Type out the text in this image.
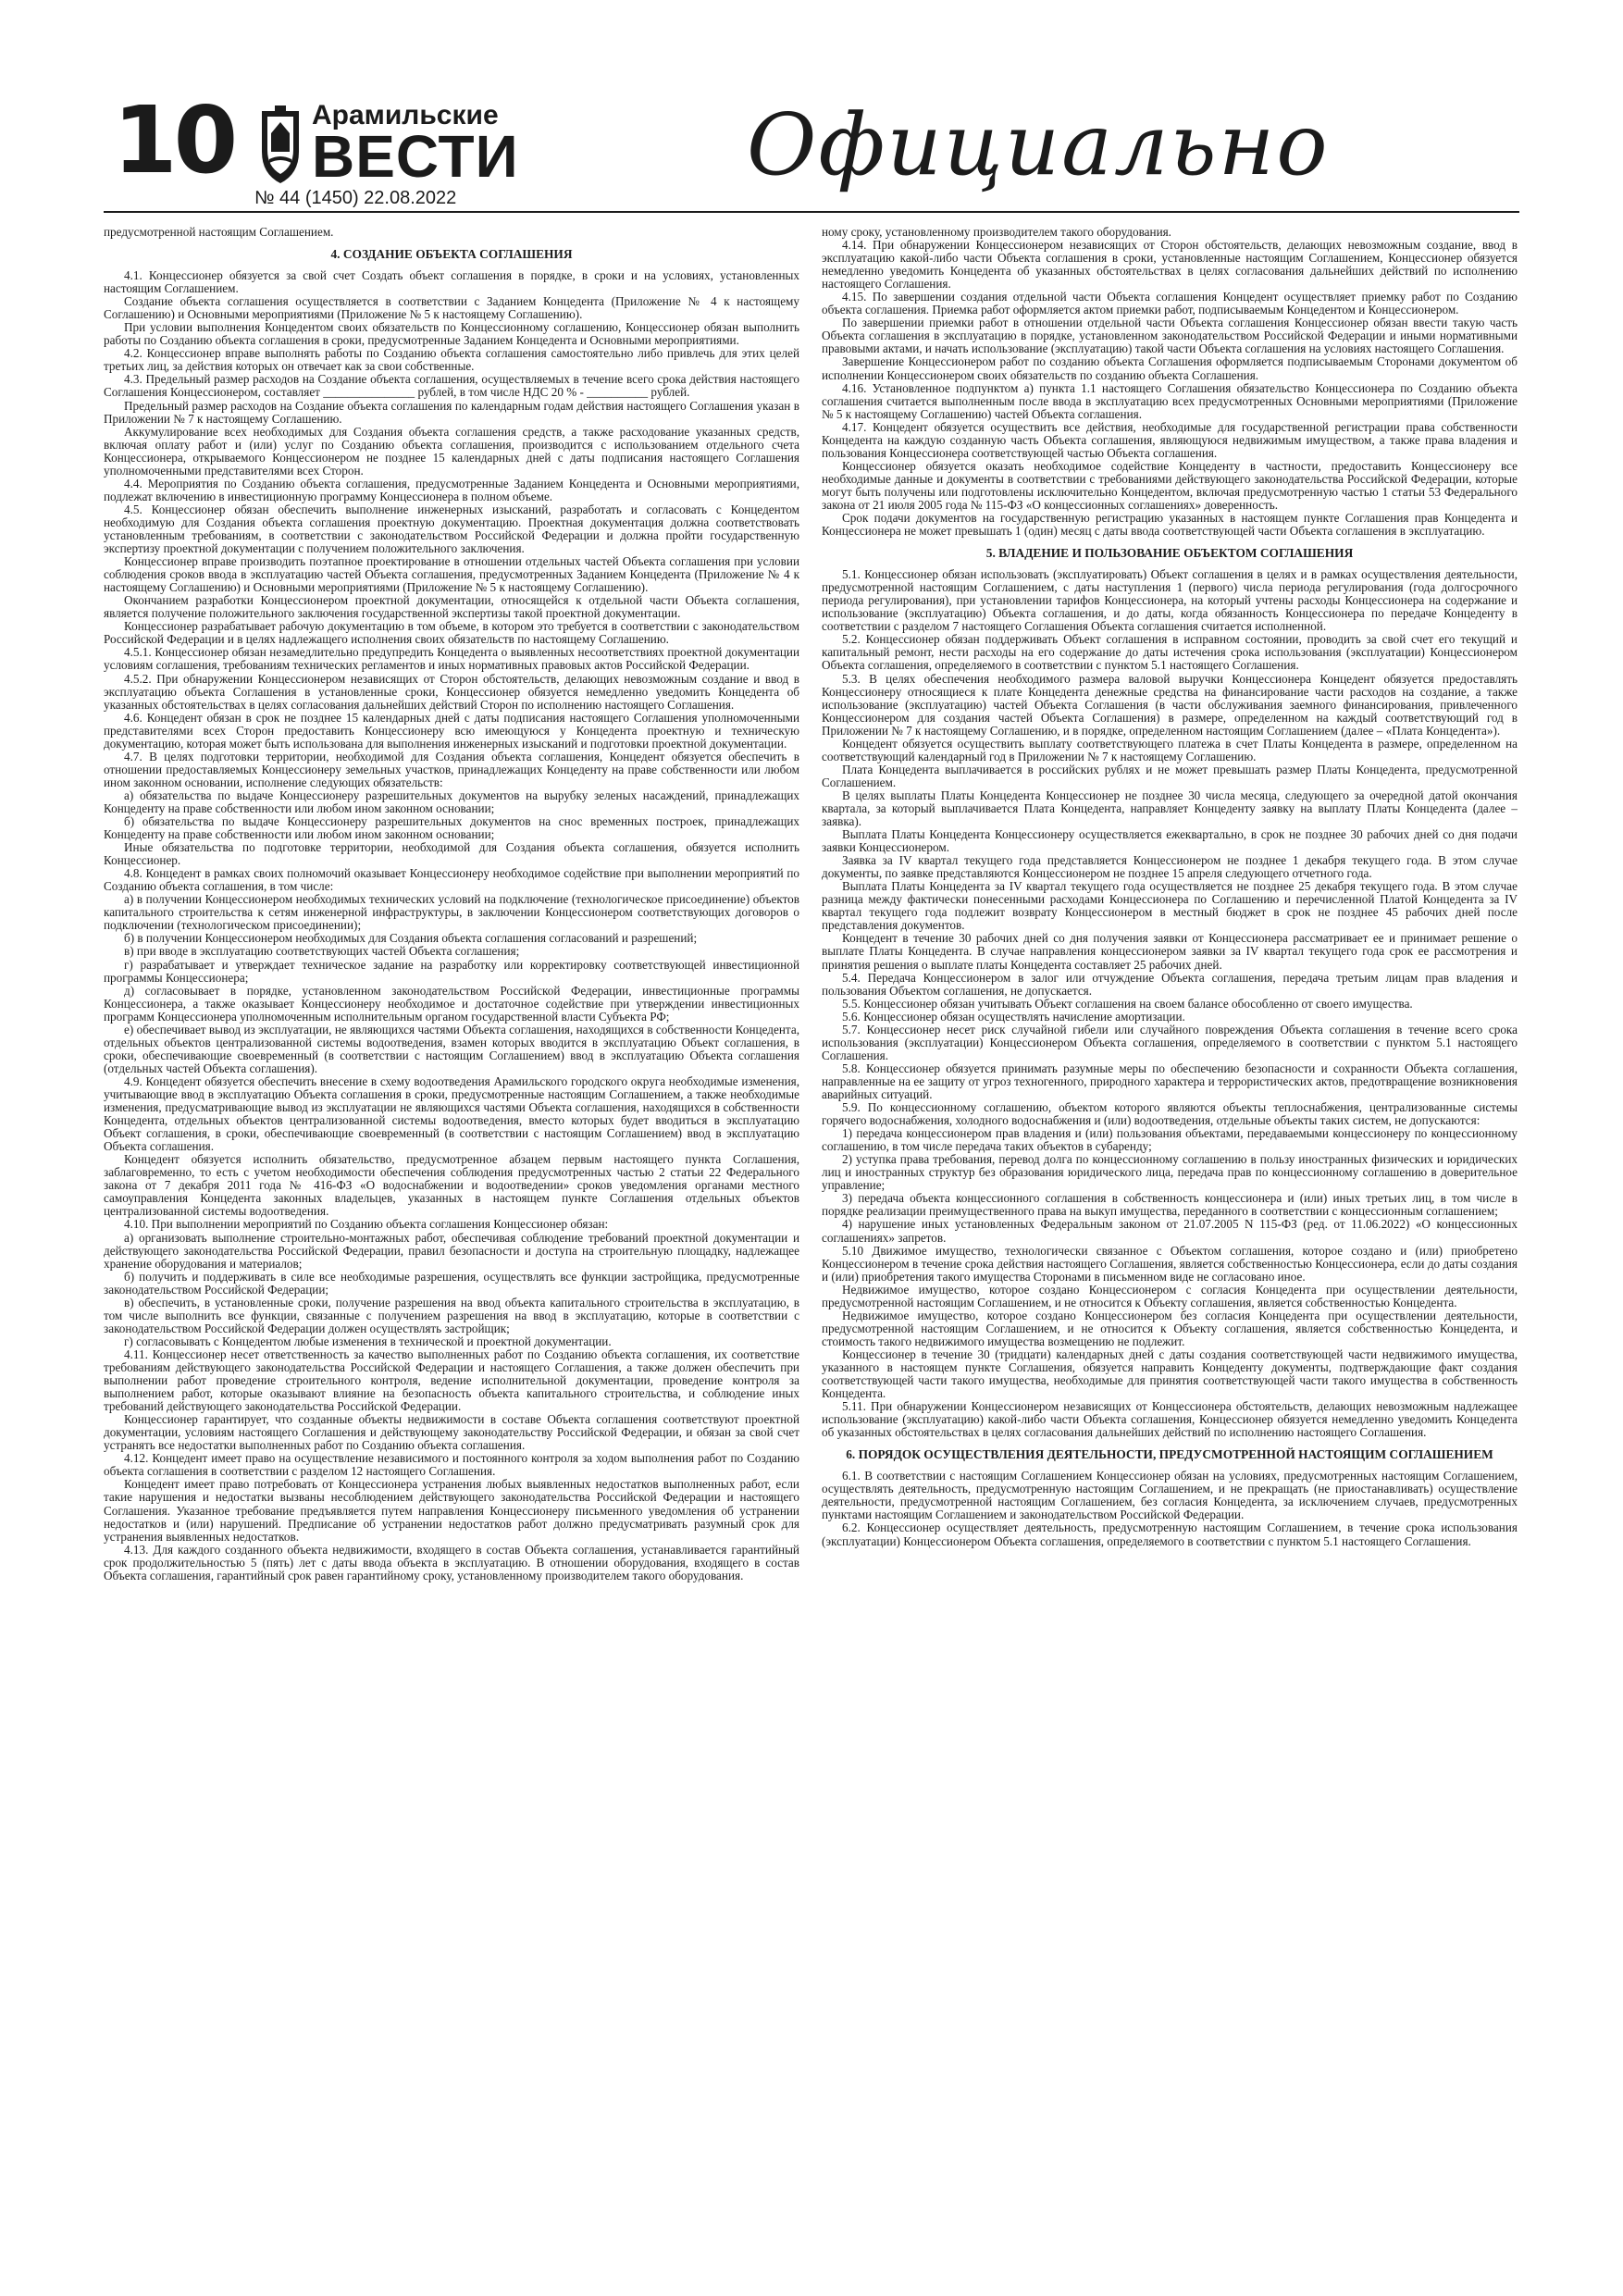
10	Арамильские
ВЕСТИ
№ 44 (1450) 22.08.2022
Официально

предусмотренной настоящим Соглашением.

4. СОЗДАНИЕ ОБЪЕКТА СОГЛАШЕНИЯ

4.1. Концессионер обязуется за свой счет Создать объект соглашения в порядке, в сроки и на условиях, установленных настоящим Соглашением.

Создание объекта соглашения осуществляется в соответствии с Заданием Концедента (Приложение № 4 к настоящему Соглашению) и Основными мероприятиями (Приложение № 5 к настоящему Соглашению).

При условии выполнения Концедентом своих обязательств по Концессионному соглашению, Концессионер обязан выполнить работы по Созданию объекта соглашения в сроки, предусмотренные Заданием Концедента и Основными мероприятиями.

4.2. Концессионер вправе выполнять работы по Созданию объекта соглашения самостоятельно либо привлечь для этих целей третьих лиц, за действия которых он отвечает как за свои собственные.

4.3. Предельный размер расходов на Создание объекта соглашения, осуществляемых в течение всего срока действия настоящего Соглашения Концессионером, составляет _______________ рублей, в том числе НДС 20 % - __________ рублей.

Предельный размер расходов на Создание объекта соглашения по календарным годам действия настоящего Соглашения указан в Приложении № 7 к настоящему Соглашению.

Аккумулирование всех необходимых для Создания объекта соглашения средств, а также расходование указанных средств, включая оплату работ и (или) услуг по Созданию объекта соглашения, производится с использованием отдельного счета Концессионера, открываемого Концессионером не позднее 15 календарных дней с даты подписания настоящего Соглашения уполномоченными представителями всех Сторон.

4.4. Мероприятия по Созданию объекта соглашения, предусмотренные Заданием Концедента и Основными мероприятиями, подлежат включению в инвестиционную программу Концессионера в полном объеме.

4.5. Концессионер обязан обеспечить выполнение инженерных изысканий, разработать и согласовать с Концедентом необходимую для Создания объекта соглашения проектную документацию. Проектная документация должна соответствовать установленным требованиям, в соответствии с законодательством Российской Федерации и должна пройти государственную экспертизу проектной документации с получением положительного заключения.

Концессионер вправе производить поэтапное проектирование в отношении отдельных частей Объекта соглашения при условии соблюдения сроков ввода в эксплуатацию частей Объекта соглашения, предусмотренных Заданием Концедента (Приложение № 4 к настоящему Соглашению) и Основными мероприятиями (Приложение № 5 к настоящему Соглашению).

Окончанием разработки Концессионером проектной документации, относящейся к отдельной части Объекта соглашения, является получение положительного заключения государственной экспертизы такой проектной документации.

Концессионер разрабатывает рабочую документацию в том объеме, в котором это требуется в соответствии с законодательством Российской Федерации и в целях надлежащего исполнения своих обязательств по настоящему Соглашению.

4.5.1. Концессионер обязан незамедлительно предупредить Концедента о выявленных несоответствиях проектной документации условиям соглашения, требованиям технических регламентов и иных нормативных правовых актов Российской Федерации.

4.5.2. При обнаружении Концессионером независящих от Сторон обстоятельств, делающих невозможным создание и ввод в эксплуатацию объекта Соглашения в установленные сроки, Концессионер обязуется немедленно уведомить Концедента об указанных обстоятельствах в целях согласования дальнейших действий Сторон по исполнению настоящего Соглашения.

4.6. Концедент обязан в срок не позднее 15 календарных дней с даты подписания настоящего Соглашения уполномоченными представителями всех Сторон предоставить Концессионеру всю имеющуюся у Концедента проектную и техническую документацию, которая может быть использована для выполнения инженерных изысканий и подготовки проектной документации.

4.7. В целях подготовки территории, необходимой для Создания объекта соглашения, Концедент обязуется обеспечить в отношении предоставляемых Концессионеру земельных участков, принадлежащих Концеденту на праве собственности или любом ином законном основании, исполнение следующих обязательств:

а) обязательства по выдаче Концессионеру разрешительных документов на вырубку зеленых насаждений, принадлежащих Концеденту на праве собственности или любом ином законном основании;

б) обязательства по выдаче Концессионеру разрешительных документов на снос временных построек, принадлежащих Концеденту на праве собственности или любом ином законном основании;

Иные обязательства по подготовке территории, необходимой для Создания объекта соглашения, обязуется исполнить Концессионер.

4.8. Концедент в рамках своих полномочий оказывает Концессионеру необходимое содействие при выполнении мероприятий по Созданию объекта соглашения, в том числе:

а) в получении Концессионером необходимых технических условий на подключение (технологическое присоединение) объектов капитального строительства к сетям инженерной инфраструктуры, в заключении Концессионером соответствующих договоров о подключении (технологическом присоединении);

б) в получении Концессионером необходимых для Создания объекта соглашения согласований и разрешений;

в) при вводе в эксплуатацию соответствующих частей Объекта соглашения;

г) разрабатывает и утверждает техническое задание на разработку или корректировку соответствующей инвестиционной программы Концессионера;

д) согласовывает в порядке, установленном законодательством Российской Федерации, инвестиционные программы Концессионера, а также оказывает Концессионеру необходимое и достаточное содействие при утверждении инвестиционных программ Концессионера уполномоченным исполнительным органом государственной власти Субъекта РФ;

е) обеспечивает вывод из эксплуатации, не являющихся частями Объекта соглашения, находящихся в собственности Концедента, отдельных объектов централизованной системы водоотведения, взамен которых вводится в эксплуатацию Объект соглашения, в сроки, обеспечивающие своевременный (в соответствии с настоящим Соглашением) ввод в эксплуатацию Объекта соглашения (отдельных частей Объекта соглашения).

4.9. Концедент обязуется обеспечить внесение в схему водоотведения Арамильского городского округа необходимые изменения, учитывающие ввод в эксплуатацию Объекта соглашения в сроки, предусмотренные настоящим Соглашением, а также необходимые изменения, предусматривающие вывод из эксплуатации не являющихся частями Объекта соглашения, находящихся в собственности Концедента, отдельных объектов централизованной системы водоотведения, вместо которых будет вводиться в эксплуатацию Объект соглашения, в сроки, обеспечивающие своевременный (в соответствии с настоящим Соглашением) ввод в эксплуатацию Объекта соглашения.

Концедент обязуется исполнить обязательство, предусмотренное абзацем первым настоящего пункта Соглашения, заблаговременно, то есть с учетом необходимости обеспечения соблюдения предусмотренных частью 2 статьи 22 Федерального закона от 7 декабря 2011 года № 416-ФЗ «О водоснабжении и водоотведении» сроков уведомления органами местного самоуправления Концедента законных владельцев, указанных в настоящем пункте Соглашения отдельных объектов централизованной системы водоотведения.

4.10. При выполнении мероприятий по Созданию объекта соглашения Концессионер обязан:

а) организовать выполнение строительно-монтажных работ, обеспечивая соблюдение требований проектной документации и действующего законодательства Российской Федерации, правил безопасности и доступа на строительную площадку, надлежащее хранение оборудования и материалов;

б) получить и поддерживать в силе все необходимые разрешения, осуществлять все функции застройщика, предусмотренные законодательством Российской Федерации;

в) обеспечить, в установленные сроки, получение разрешения на ввод объекта капитального строительства в эксплуатацию, в том числе выполнить все функции, связанные с получением разрешения на ввод в эксплуатацию, которые в соответствии с законодательством Российской Федерации должен осуществлять застройщик;

г) согласовывать с Концедентом любые изменения в технической и проектной документации.

4.11. Концессионер несет ответственность за качество выполненных работ по Созданию объекта соглашения, их соответствие требованиям действующего законодательства Российской Федерации и настоящего Соглашения, а также должен обеспечить при выполнении работ проведение строительного контроля, ведение исполнительной документации, проведение контроля за выполнением работ, которые оказывают влияние на безопасность объекта капитального строительства, и соблюдение иных требований действующего законодательства Российской Федерации.

Концессионер гарантирует, что созданные объекты недвижимости в составе Объекта соглашения соответствуют проектной документации, условиям настоящего Соглашения и действующему законодательству Российской Федерации, и обязан за свой счет устранять все недостатки выполненных работ по Созданию объекта соглашения.

4.12. Концедент имеет право на осуществление независимого и постоянного контроля за ходом выполнения работ по Созданию объекта соглашения в соответствии с разделом 12 настоящего Соглашения.

Концедент имеет право потребовать от Концессионера устранения любых выявленных недостатков выполненных работ, если такие нарушения и недостатки вызваны несоблюдением действующего законодательства Российской Федерации и настоящего Соглашения. Указанное требование предъявляется путем направления Концессионеру письменного уведомления об устранении недостатков и (или) нарушений. Предписание об устранении недостатков работ должно предусматривать разумный срок для устранения выявленных недостатков.

4.13. Для каждого созданного объекта недвижимости, входящего в состав Объекта соглашения, устанавливается гарантийный срок продолжительностью 5 (пять) лет с даты ввода объекта в эксплуатацию. В отношении оборудования, входящего в состав Объекта соглашения, гарантийный срок равен гарантийному сроку, установленному производителем такого оборудования.

ному сроку, установленному производителем такого оборудования.

4.14. При обнаружении Концессионером независящих от Сторон обстоятельств, делающих невозможным создание, ввод в эксплуатацию какой-либо части Объекта соглашения в сроки, установленные настоящим Соглашением, Концессионер обязуется немедленно уведомить Концедента об указанных обстоятельствах в целях согласования дальнейших действий по исполнению настоящего Соглашения.

4.15. По завершении создания отдельной части Объекта соглашения Концедент осуществляет приемку работ по Созданию объекта соглашения. Приемка работ оформляется актом приемки работ, подписываемым Концедентом и Концессионером.

По завершении приемки работ в отношении отдельной части Объекта соглашения Концессионер обязан ввести такую часть Объекта соглашения в эксплуатацию в порядке, установленном законодательством Российской Федерации и иными нормативными правовыми актами, и начать использование (эксплуатацию) такой части Объекта соглашения на условиях настоящего Соглашения.

Завершение Концессионером работ по созданию объекта Соглашения оформляется подписываемым Сторонами документом об исполнении Концессионером своих обязательств по созданию объекта Соглашения.

4.16. Установленное подпунктом а) пункта 1.1 настоящего Соглашения обязательство Концессионера по Созданию объекта соглашения считается выполненным после ввода в эксплуатацию всех предусмотренных Основными мероприятиями (Приложение № 5 к настоящему Соглашению) частей Объекта соглашения.

4.17. Концедент обязуется осуществить все действия, необходимые для государственной регистрации права собственности Концедента на каждую созданную часть Объекта соглашения, являющуюся недвижимым имуществом, а также права владения и пользования Концессионера соответствующей частью Объекта соглашения.

Концессионер обязуется оказать необходимое содействие Концеденту в частности, предоставить Концессионеру все необходимые данные и документы в соответствии с требованиями действующего законодательства Российской Федерации, которые могут быть получены или подготовлены исключительно Концедентом, включая предусмотренную частью 1 статьи 53 Федерального закона от 21 июля 2005 года № 115-ФЗ «О концессионных соглашениях» доверенность.

Срок подачи документов на государственную регистрацию указанных в настоящем пункте Соглашения прав Концедента и Концессионера не может превышать 1 (один) месяц с даты ввода соответствующей части Объекта соглашения в эксплуатацию.

5. ВЛАДЕНИЕ И ПОЛЬЗОВАНИЕ ОБЪЕКТОМ СОГЛАШЕНИЯ

5.1. Концессионер обязан использовать (эксплуатировать) Объект соглашения в целях и в рамках осуществления деятельности, предусмотренной настоящим Соглашением, с даты наступления 1 (первого) числа периода регулирования (года долгосрочного периода регулирования), при установлении тарифов Концессионера, на который учтены расходы Концессионера на содержание и использование (эксплуатацию) Объекта соглашения, и до даты, когда обязанность Концессионера по передаче Концеденту в соответствии с разделом 7 настоящего Соглашения Объекта соглашения считается исполненной.

5.2. Концессионер обязан поддерживать Объект соглашения в исправном состоянии, проводить за свой счет его текущий и капитальный ремонт, нести расходы на его содержание до даты истечения срока использования (эксплуатации) Концессионером Объекта соглашения, определяемого в соответствии с пунктом 5.1 настоящего Соглашения.

5.3. В целях обеспечения необходимого размера валовой выручки Концессионера Концедент обязуется предоставлять Концессионеру относящиеся к плате Концедента денежные средства на финансирование части расходов на создание, а также использование (эксплуатацию) частей Объекта Соглашения (в части обслуживания заемного финансирования, привлеченного Концессионером для создания частей Объекта Соглашения) в размере, определенном на каждый соответствующий год в Приложении № 7 к настоящему Соглашению, и в порядке, определенном настоящим Соглашением (далее – «Плата Концедента»).

Концедент обязуется осуществить выплату соответствующего платежа в счет Платы Концедента в размере, определенном на соответствующий календарный год в Приложении № 7 к настоящему Соглашению.

Плата Концедента выплачивается в российских рублях и не может превышать размер Платы Концедента, предусмотренной Соглашением.

В целях выплаты Платы Концедента Концессионер не позднее 30 числа месяца, следующего за очередной датой окончания квартала, за который выплачивается Плата Концедента, направляет Концеденту заявку на выплату Платы Концедента (далее – заявка).

Выплата Платы Концедента Концессионеру осуществляется ежеквартально, в срок не позднее 30 рабочих дней со дня подачи заявки Концессионером.

Заявка за IV квартал текущего года представляется Концессионером не позднее 1 декабря текущего года. В этом случае документы, по заявке представляются Концессионером не позднее 15 апреля следующего отчетного года.

Выплата Платы Концедента за IV квартал текущего года осуществляется не позднее 25 декабря текущего года. В этом случае разница между фактически понесенными расходами Концессионера по Соглашению и перечисленной Платой Концедента за IV квартал текущего года подлежит возврату Концессионером в местный бюджет в срок не позднее 45 рабочих дней после представления документов.

Концедент в течение 30 рабочих дней со дня получения заявки от Концессионера рассматривает ее и принимает решение о выплате Платы Концедента. В случае направления концессионером заявки за IV квартал текущего года срок ее рассмотрения и принятия решения о выплате платы Концедента составляет 25 рабочих дней.

5.4. Передача Концессионером в залог или отчуждение Объекта соглашения, передача третьим лицам прав владения и пользования Объектом соглашения, не допускается.

5.5. Концессионер обязан учитывать Объект соглашения на своем балансе обособленно от своего имущества.

5.6. Концессионер обязан осуществлять начисление амортизации.

5.7. Концессионер несет риск случайной гибели или случайного повреждения Объекта соглашения в течение всего срока использования (эксплуатации) Концессионером Объекта соглашения, определяемого в соответствии с пунктом 5.1 настоящего Соглашения.

5.8. Концессионер обязуется принимать разумные меры по обеспечению безопасности и сохранности Объекта соглашения, направленные на ее защиту от угроз техногенного, природного характера и террористических актов, предотвращение возникновения аварийных ситуаций.

5.9. По концессионному соглашению, объектом которого являются объекты теплоснабжения, централизованные системы горячего водоснабжения, холодного водоснабжения и (или) водоотведения, отдельные объекты таких систем, не допускаются:

1) передача концессионером прав владения и (или) пользования объектами, передаваемыми концессионеру по концессионному соглашению, в том числе передача таких объектов в субаренду;

2) уступка права требования, перевод долга по концессионному соглашению в пользу иностранных физических и юридических лиц и иностранных структур без образования юридического лица, передача прав по концессионному соглашению в доверительное управление;

3) передача объекта концессионного соглашения в собственность концессионера и (или) иных третьих лиц, в том числе в порядке реализации преимущественного права на выкуп имущества, переданного в соответствии с концессионным соглашением;

4) нарушение иных установленных Федеральным законом от 21.07.2005 N 115-ФЗ (ред. от 11.06.2022) «О концессионных соглашениях» запретов.

5.10 Движимое имущество, технологически связанное с Объектом соглашения, которое создано и (или) приобретено Концессионером в течение срока действия настоящего Соглашения, является собственностью Концессионера, если до даты создания и (или) приобретения такого имущества Сторонами в письменном виде не согласовано иное.

Недвижимое имущество, которое создано Концессионером с согласия Концедента при осуществлении деятельности, предусмотренной настоящим Соглашением, и не относится к Объекту соглашения, является собственностью Концедента.

Недвижимое имущество, которое создано Концессионером без согласия Концедента при осуществлении деятельности, предусмотренной настоящим Соглашением, и не относится к Объекту соглашения, является собственностью Концедента, и стоимость такого недвижимого имущества возмещению не подлежит.

Концессионер в течение 30 (тридцати) календарных дней с даты создания соответствующей части недвижимого имущества, указанного в настоящем пункте Соглашения, обязуется направить Концеденту документы, подтверждающие факт создания соответствующей части такого имущества, необходимые для принятия соответствующей части такого имущества в собственность Концедента.

5.11. При обнаружении Концессионером независящих от Концессионера обстоятельств, делающих невозможным надлежащее использование (эксплуатацию) какой-либо части Объекта соглашения, Концессионер обязуется немедленно уведомить Концедента об указанных обстоятельствах в целях согласования дальнейших действий по исполнению настоящего Соглашения.

6. ПОРЯДОК ОСУЩЕСТВЛЕНИЯ ДЕЯТЕЛЬНОСТИ, ПРЕДУСМОТРЕННОЙ НАСТОЯЩИМ СОГЛАШЕНИЕМ

6.1. В соответствии с настоящим Соглашением Концессионер обязан на условиях, предусмотренных настоящим Соглашением, осуществлять деятельность, предусмотренную настоящим Соглашением, и не прекращать (не приостанавливать) осуществление деятельности, предусмотренной настоящим Соглашением, без согласия Концедента, за исключением случаев, предусмотренных пунктами настоящим Соглашением и законодательством Российской Федерации.

6.2. Концессионер осуществляет деятельность, предусмотренную настоящим Соглашением, в течение срока использования (эксплуатации) Концессионером Объекта соглашения, определяемого в соответствии с пунктом 5.1 настоящего Соглашения.
